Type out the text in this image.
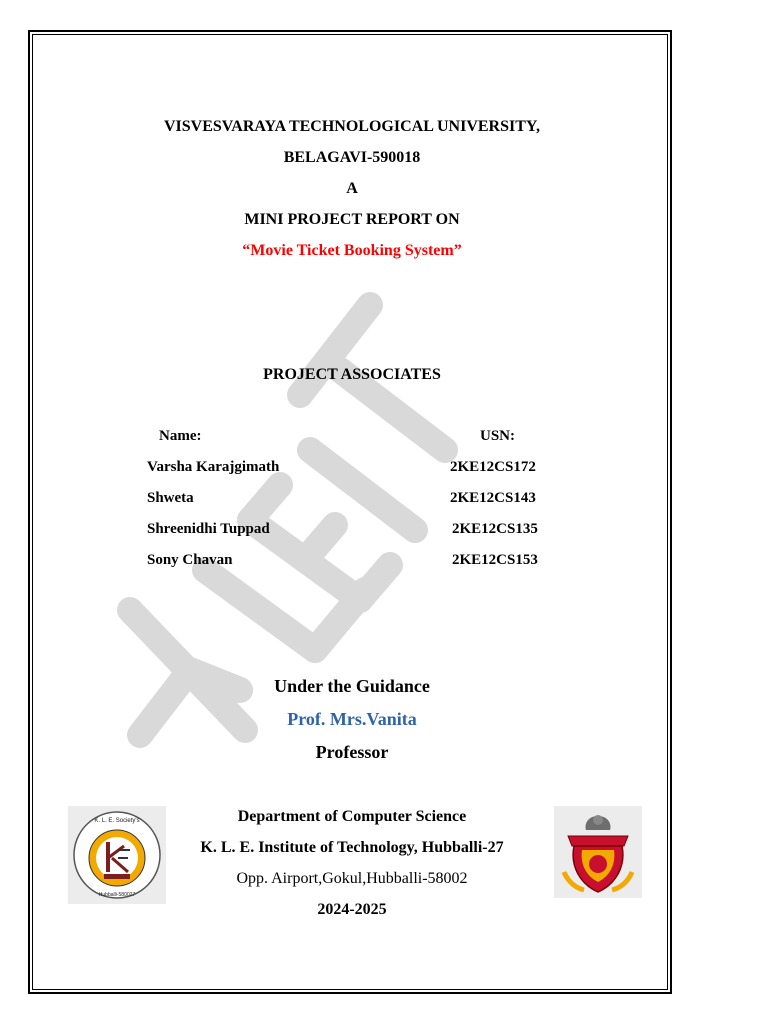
VISVESVARAYA TECHNOLOGICAL UNIVERSITY,
BELAGAVI-590018
A
MINI PROJECT REPORT ON
“Movie Ticket Booking System”
PROJECT ASSOCIATES
Name:	USN:
Varsha Karajgimath	2KE12CS172
Shweta	2KE12CS143
Shreenidhi Tuppad	2KE12CS135
Sony Chavan	2KE12CS153
Under the Guidance
Prof. Mrs.Vanita
Professor
Department of Computer Science
K. L. E. Institute of Technology, Hubballi-27
Opp. Airport,Gokul,Hubballi-58002
2024-2025
K. L. E. Society's
Hubballi-580027
